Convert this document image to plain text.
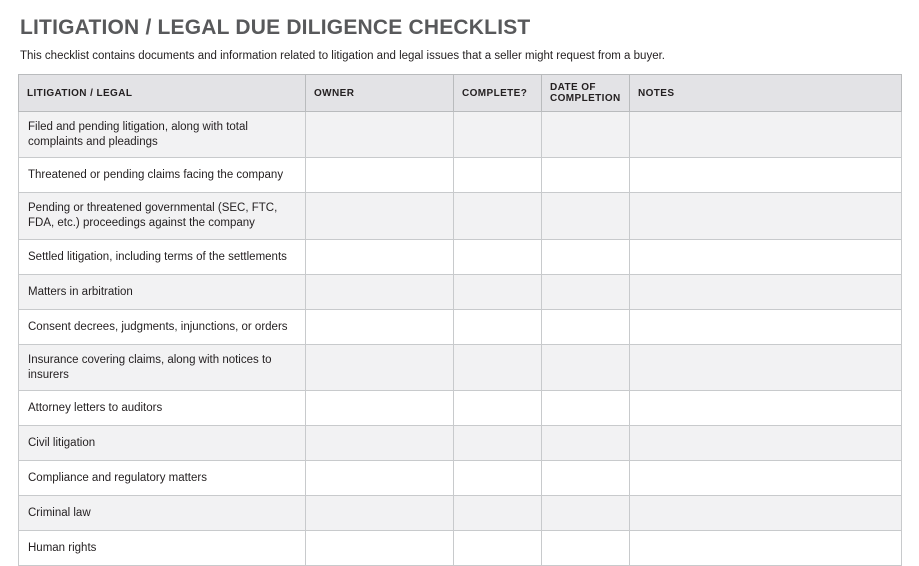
LITIGATION / LEGAL DUE DILIGENCE CHECKLIST

This checklist contains documents and information related to litigation and legal issues that a seller might request from a buyer.

LITIGATION / LEGAL	OWNER	COMPLETE?	DATE OF COMPLETION	NOTES
Filed and pending litigation, along with total complaints and pleadings				
Threatened or pending claims facing the company				
Pending or threatened governmental (SEC, FTC, FDA, etc.) proceedings against the company				
Settled litigation, including terms of the settlements				
Matters in arbitration				
Consent decrees, judgments, injunctions, or orders				
Insurance covering claims, along with notices to insurers				
Attorney letters to auditors				
Civil litigation				
Compliance and regulatory matters				
Criminal law				
Human rights				
